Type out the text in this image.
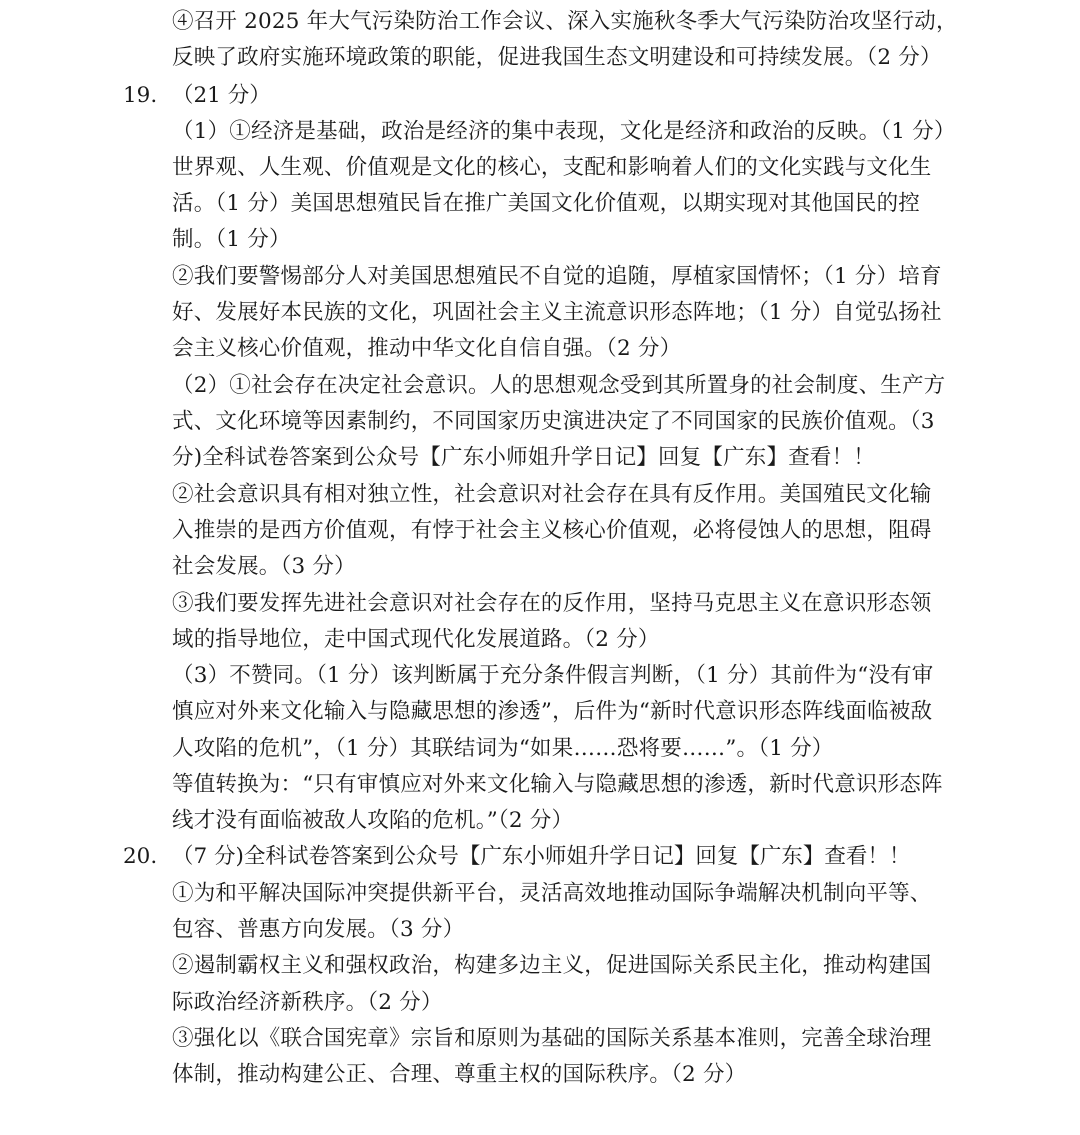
④召开 2025 年大气污染防治工作会议、深入实施秋冬季大气污染防治攻坚行动，
反映了政府实施环境政策的职能，促进我国生态文明建设和可持续发展。（2 分）
19. （21 分）
（1）①经济是基础，政治是经济的集中表现，文化是经济和政治的反映。（1 分）
世界观、人生观、价值观是文化的核心，支配和影响着人们的文化实践与文化生
活。（1 分）美国思想殖民旨在推广美国文化价值观，以期实现对其他国民的控
制。（1 分）
②我们要警惕部分人对美国思想殖民不自觉的追随，厚植家国情怀；（1 分）培育
好、发展好本民族的文化，巩固社会主义主流意识形态阵地；（1 分）自觉弘扬社
会主义核心价值观，推动中华文化自信自强。（2 分）
（2）①社会存在决定社会意识。人的思想观念受到其所置身的社会制度、生产方
式、文化环境等因素制约，不同国家历史演进决定了不同国家的民族价值观。（3
分)全科试卷答案到公众号【广东小师姐升学日记】回复【广东】查看！！
②社会意识具有相对独立性，社会意识对社会存在具有反作用。美国殖民文化输
入推崇的是西方价值观，有悖于社会主义核心价值观，必将侵蚀人的思想，阻碍
社会发展。（3 分）
③我们要发挥先进社会意识对社会存在的反作用，坚持马克思主义在意识形态领
域的指导地位，走中国式现代化发展道路。（2 分）
（3）不赞同。（1 分）该判断属于充分条件假言判断，（1 分）其前件为“没有审
慎应对外来文化输入与隐藏思想的渗透”，后件为“新时代意识形态阵线面临被敌
人攻陷的危机”，（1 分）其联结词为“如果……恐将要……”。（1 分）
等值转换为：“只有审慎应对外来文化输入与隐藏思想的渗透，新时代意识形态阵
线才没有面临被敌人攻陷的危机。”（2 分）
20. （7 分)全科试卷答案到公众号【广东小师姐升学日记】回复【广东】查看！！
①为和平解决国际冲突提供新平台，灵活高效地推动国际争端解决机制向平等、
包容、普惠方向发展。（3 分）
②遏制霸权主义和强权政治，构建多边主义，促进国际关系民主化，推动构建国
际政治经济新秩序。（2 分）
③强化以《联合国宪章》宗旨和原则为基础的国际关系基本准则，完善全球治理
体制，推动构建公正、合理、尊重主权的国际秩序。（2 分）
